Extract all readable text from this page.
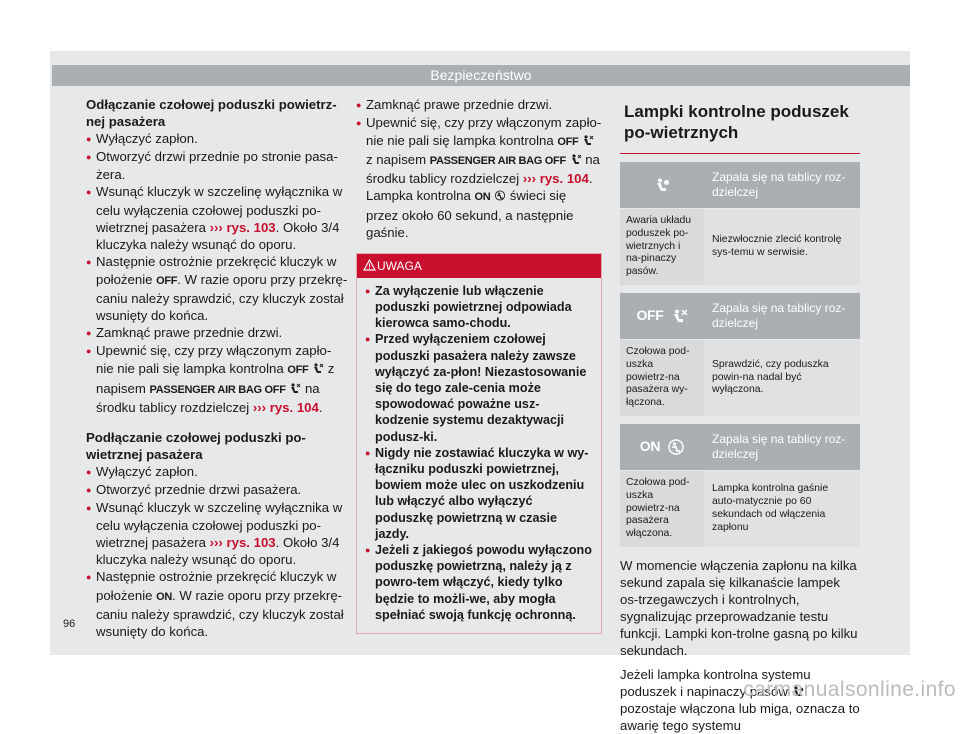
Bezpieczeństwo

Odłączanie czołowej poduszki powietrz-nej pasażera

● Wyłączyć zapłon.

● Otworzyć drzwi przednie po stronie pasa-żera.

● Wsunąć kluczyk w szczelinę wyłącznika w celu wyłączenia czołowej poduszki po-wietrznej pasażera ››› rys. 103. Około 3/4 kluczyka należy wsunąć do oporu.

● Następnie ostrożnie przekręcić kluczyk w położenie OFF. W razie oporu przy przekrę-caniu należy sprawdzić, czy kluczyk został wsunięty do końca.

● Zamknąć prawe przednie drzwi.

● Upewnić się, czy przy włączonym zapło-nie nie pali się lampka kontrolna OFF  z napisem PASSENGER AIR BAG OFF  na środku tablicy rozdzielczej ››› rys. 104.

Podłączanie czołowej poduszki po-wietrznej pasażera

● Wyłączyć zapłon.

● Otworzyć przednie drzwi pasażera.

● Wsunąć kluczyk w szczelinę wyłącznika w celu wyłączenia czołowej poduszki po-wietrznej pasażera ››› rys. 103. Około 3/4 kluczyka należy wsunąć do oporu.

● Następnie ostrożnie przekręcić kluczyk w położenie ON. W razie oporu przy przekrę-caniu należy sprawdzić, czy kluczyk został wsunięty do końca.

● Zamknąć prawe przednie drzwi.

● Upewnić się, czy przy włączonym zapło-nie nie pali się lampka kontrolna OFF  z napisem PASSENGER AIR BAG OFF  na środku tablicy rozdzielczej ››› rys. 104. Lampka kontrolna ON  świeci się przez około 60 sekund, a następnie gaśnie.

UWAGA

● Za wyłączenie lub włączenie poduszki powietrznej odpowiada kierowca samo-chodu.

● Przed wyłączeniem czołowej poduszki pasażera należy zawsze wyłączyć za-płon! Niezastosowanie się do tego zale-cenia może spowodować poważne usz-kodzenie systemu dezaktywacji podusz-ki.

● Nigdy nie zostawiać kluczyka w wy-łączniku poduszki powietrznej, bowiem może ulec on uszkodzeniu lub włączyć albo wyłączyć poduszkę powietrzną w czasie jazdy.

● Jeżeli z jakiegoś powodu wyłączono poduszkę powietrzną, należy ją z powro-tem włączyć, kiedy tylko będzie to możli-we, aby mogła spełniać swoją funkcję ochronną.

Lampki kontrolne poduszek po-wietrznych
Zapala się na tablicy roz-dzielczej
Awaria układu poduszek po-wietrznych i na-pinaczy pasów.
Niezwłocznie zlecić kontrolę sys-temu w serwisie.
OFF	Zapala się na tablicy roz-dzielczej
Czołowa pod-uszka powietrz-na pasażera wy-łączona.
Sprawdzić, czy poduszka powin-na nadal być wyłączona.
ON	Zapala się na tablicy roz-dzielczej
Czołowa pod-uszka powietrz-na pasażera włączona.
Lampka kontrolna gaśnie auto-matycznie po 60 sekundach od włączenia zapłonu

W momencie włączenia zapłonu na kilka sekund zapala się kilkanaście lampek os-trzegawczych i kontrolnych, sygnalizując przeprowadzanie testu funkcji. Lampki kon-trolne gasną po kilku sekundach.

Jeżeli lampka kontrolna systemu poduszek i napinaczy pasów  pozostaje włączona lub miga, oznacza to awarię tego systemu

96
carmanualsonline.info
